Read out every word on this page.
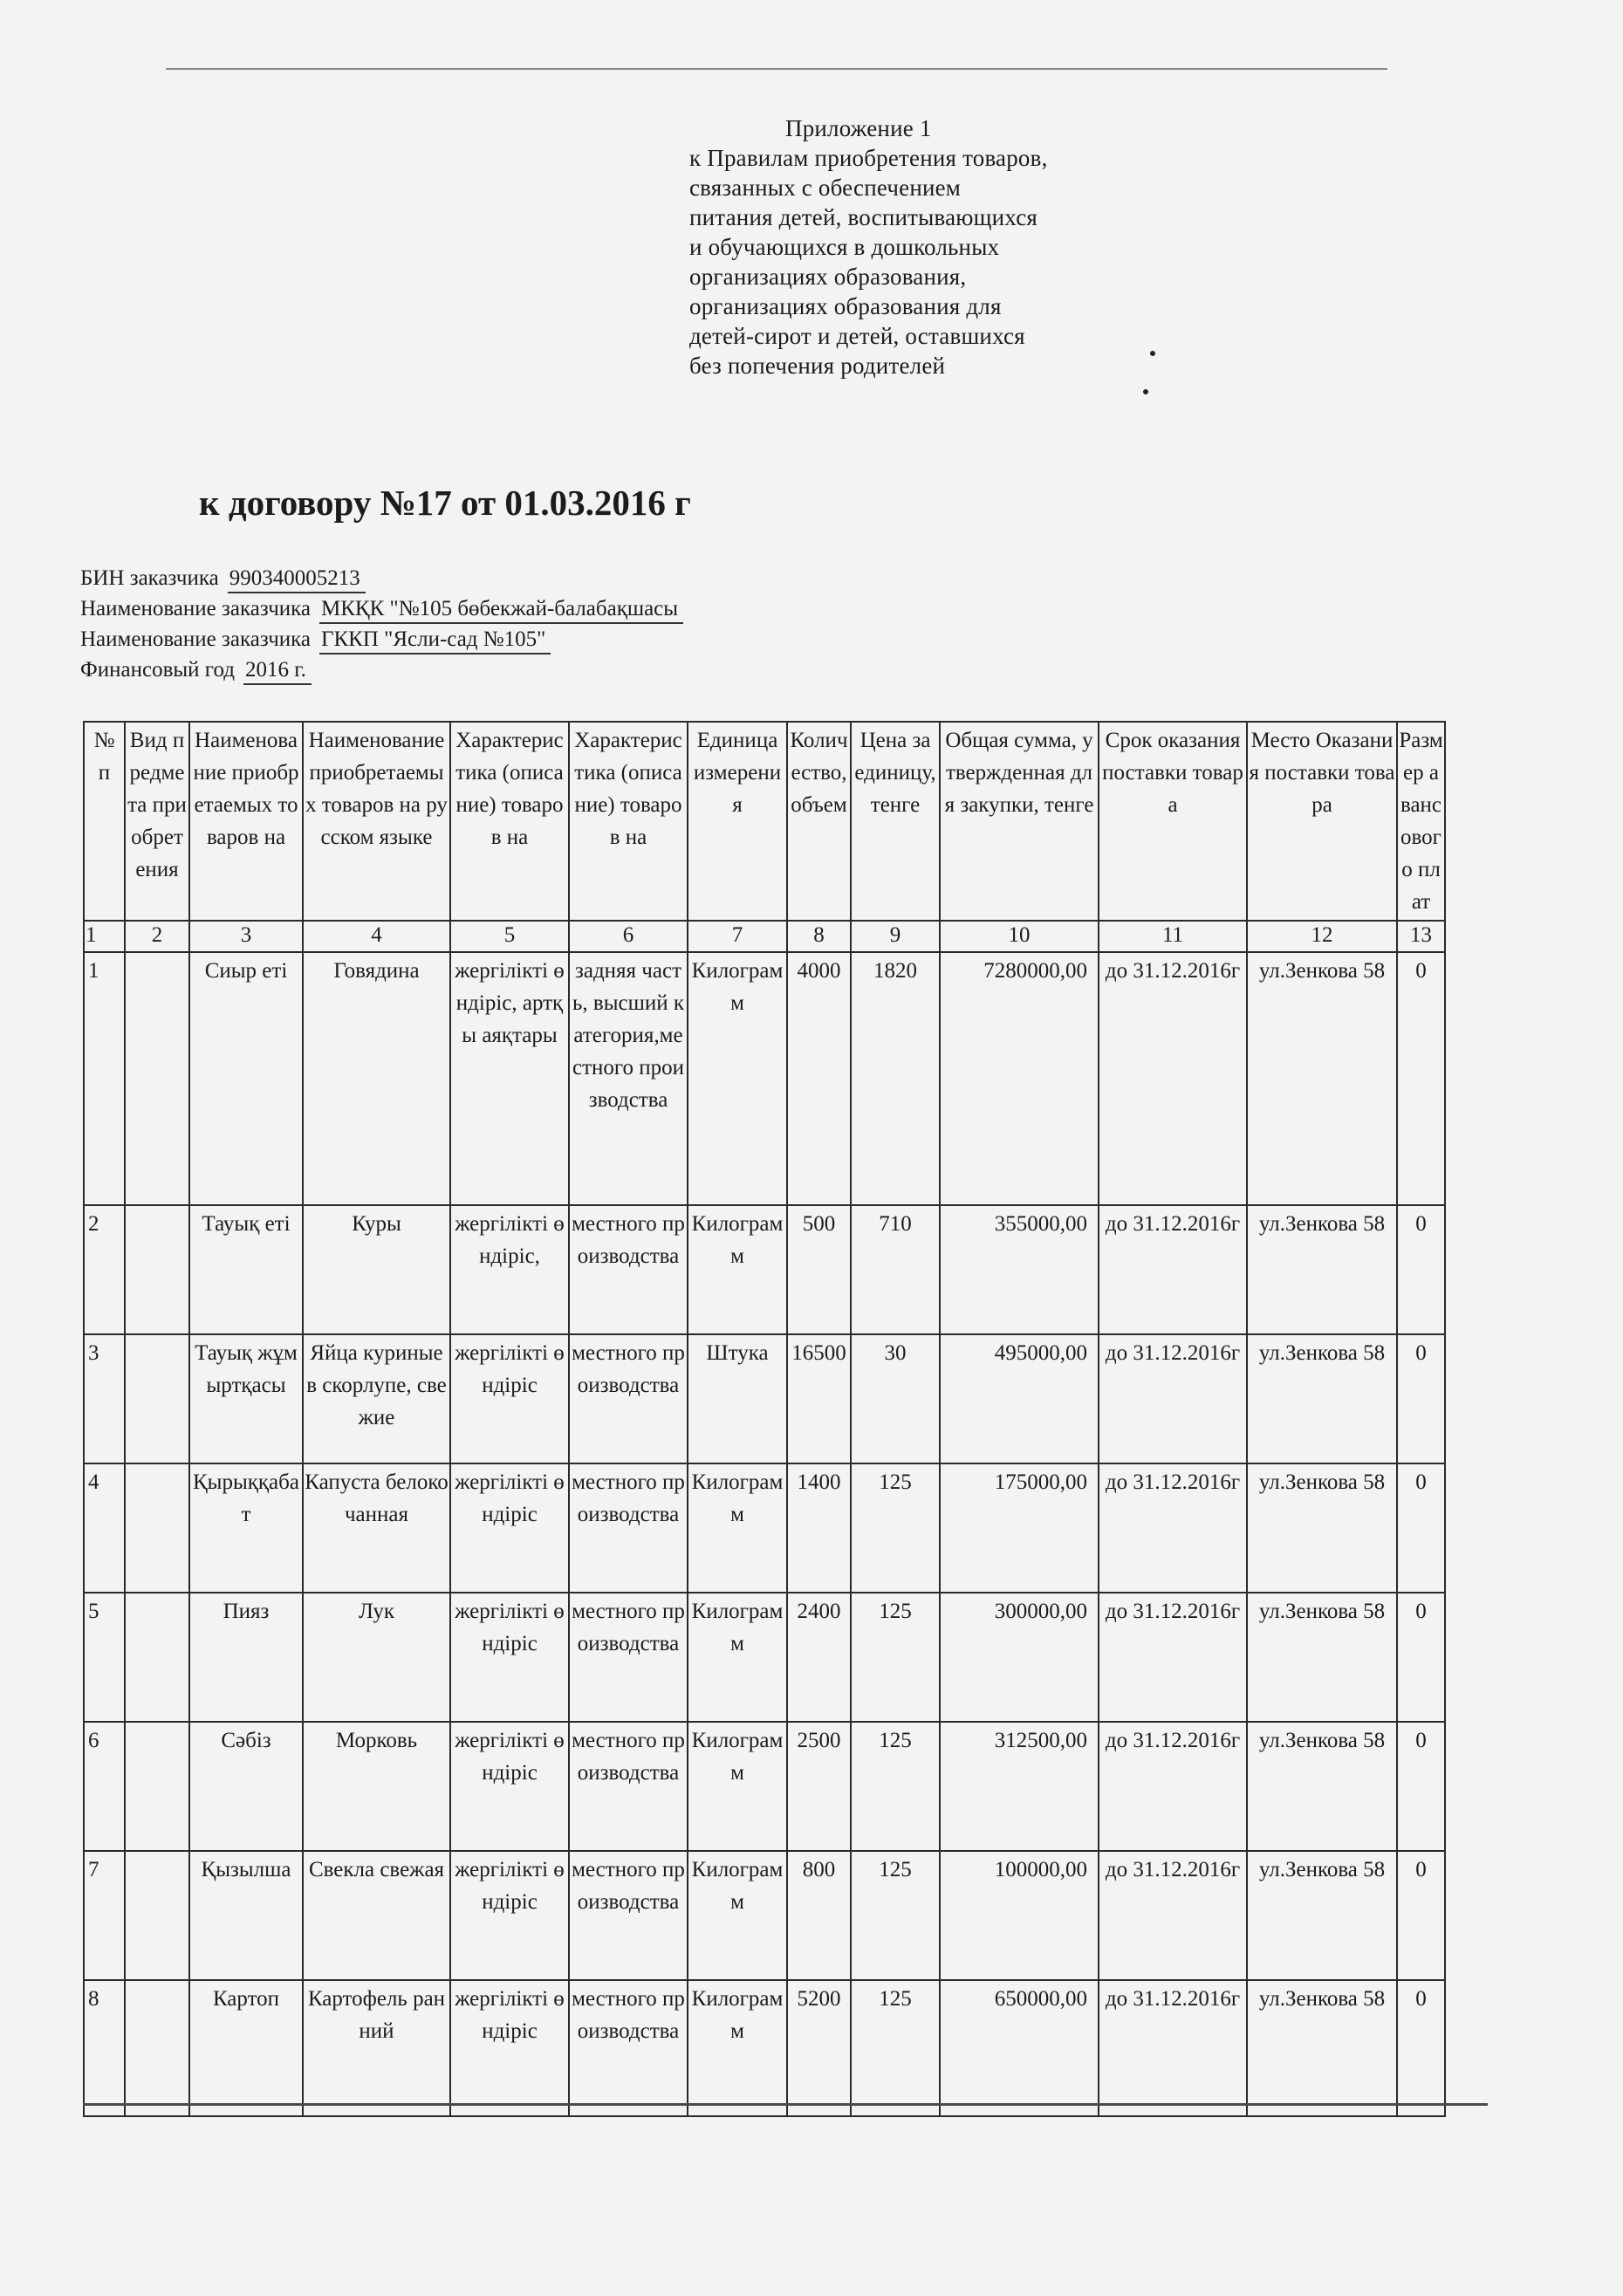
Приложение 1
к Правилам приобретения товаров,
связанных с обеспечением
питания детей, воспитывающихся
и обучающихся в дошкольных
организациях образования,
организациях образования для
детей-сирот и детей, оставшихся
без попечения родителей
к договору №17 от 01.03.2016 г
БИН заказчика 990340005213
Наименование заказчика МКҚК "№105 бөбекжай-балабақшасы
Наименование заказчика ГККП "Ясли-сад №105"
Финансовый год 2016 г.
№ п	Вид предмета приобретения	Наименование приобретаемых товаров на	Наименование приобретаемых товаров на русском языке	Характеристика (описание) товаров на	Характеристика (описание) товаров на	Единица измерения	Количество, объем	Цена за единицу, тенге	Общая сумма, утвержденная для закупки, тенге	Срок оказания поставки товара	Место Оказания поставки товара	Размер авансового плат
1	2	3	4	5	6	7	8	9	10	11	12	13
1		Сиыр еті	Говядина	жергілікті өндіріс, артқы аяқтары	задняя часть, высший категория,местного производства	Килограмм	4000	1820	7280000,00	до 31.12.2016г	ул.Зенкова 58	0
2		Тауық еті	Куры	жергілікті өндіріс,	местного производства	Килограмм	500	710	355000,00	до 31.12.2016г	ул.Зенкова 58	0
3		Тауық жұмыртқасы	Яйца куриные в скорлупе, свежие	жергілікті өндіріс	местного производства	Штука	16500	30	495000,00	до 31.12.2016г	ул.Зенкова 58	0
4		Қырыққабат	Капуста белокочанная	жергілікті өндіріс	местного производства	Килограмм	1400	125	175000,00	до 31.12.2016г	ул.Зенкова 58	0
5		Пияз	Лук	жергілікті өндіріс	местного производства	Килограмм	2400	125	300000,00	до 31.12.2016г	ул.Зенкова 58	0
6		Сәбіз	Морковь	жергілікті өндіріс	местного производства	Килограмм	2500	125	312500,00	до 31.12.2016г	ул.Зенкова 58	0
7		Қызылша	Свекла свежая	жергілікті өндіріс	местного производства	Килограмм	800	125	100000,00	до 31.12.2016г	ул.Зенкова 58	0
8		Картоп	Картофель ранний	жергілікті өндіріс	местного производства	Килограмм	5200	125	650000,00	до 31.12.2016г	ул.Зенкова 58	0
